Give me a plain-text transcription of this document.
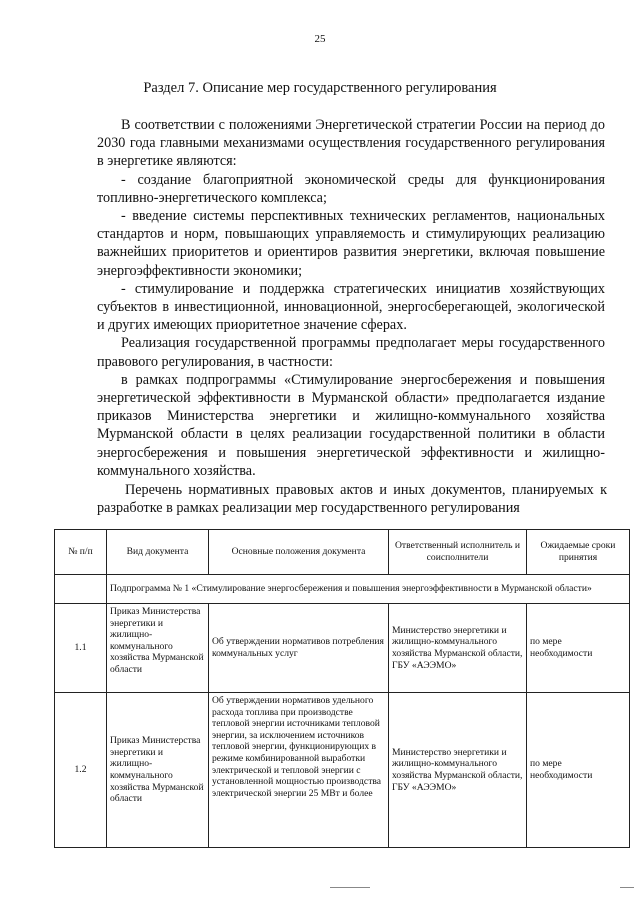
25
Раздел 7. Описание мер государственного регулирования

В соответствии с положениями Энергетической стратегии России на период до 2030 года главными механизмами осуществления государственного регулирования в энергетике являются:

- создание благоприятной экономической среды для функционирования топливно-энергетического комплекса;

- введение системы перспективных технических регламентов, национальных стандартов и норм, повышающих управляемость и стимулирующих реализацию важнейших приоритетов и ориентиров развития энергетики, включая повышение энергоэффективности экономики;

- стимулирование и поддержка стратегических инициатив хозяйствующих субъектов в инвестиционной, инновационной, энергосберегающей, экологической и других имеющих приоритетное значение сферах.

Реализация государственной программы предполагает меры государственного правового регулирования, в частности:

в рамках подпрограммы «Стимулирование энергосбережения и повышения энергетической эффективности в Мурманской области» предполагается издание приказов Министерства энергетики и жилищно-коммунального хозяйства Мурманской области в целях реализации государственной политики в области энергосбережения и повышения энергетической эффективности и жилищно-коммунального хозяйства.

Перечень нормативных правовых актов и иных документов, планируемых к разработке в рамках реализации мер государственного регулирования
№ п/п	Вид документа	Основные положения документа	Ответственный исполнитель и соисполнители	Ожидаемые сроки принятия
	Подпрограмма № 1 «Стимулирование энергосбережения и повышения энергоэффективности в Мурманской области»			
1.1	Приказ Министерства энергетики и жилищно-коммунального хозяйства Мурманской области	Об утверждении нормативов потребления коммунальных услуг	Министерство энергетики и жилищно-коммунального хозяйства Мурманской области, ГБУ «АЭЭМО»	по мере необходимости
1.2	Приказ Министерства энергетики и жилищно-коммунального хозяйства Мурманской области	Об утверждении нормативов удельного расхода топлива при производстве тепловой энергии источниками тепловой энергии, за исключением источников тепловой энергии, функционирующих в режиме комбинированной выработки электрической и тепловой энергии с установленной мощностью производства электрической энергии 25 МВт и более	Министерство энергетики и жилищно-коммунального хозяйства Мурманской области, ГБУ «АЭЭМО»	по мере необходимости
